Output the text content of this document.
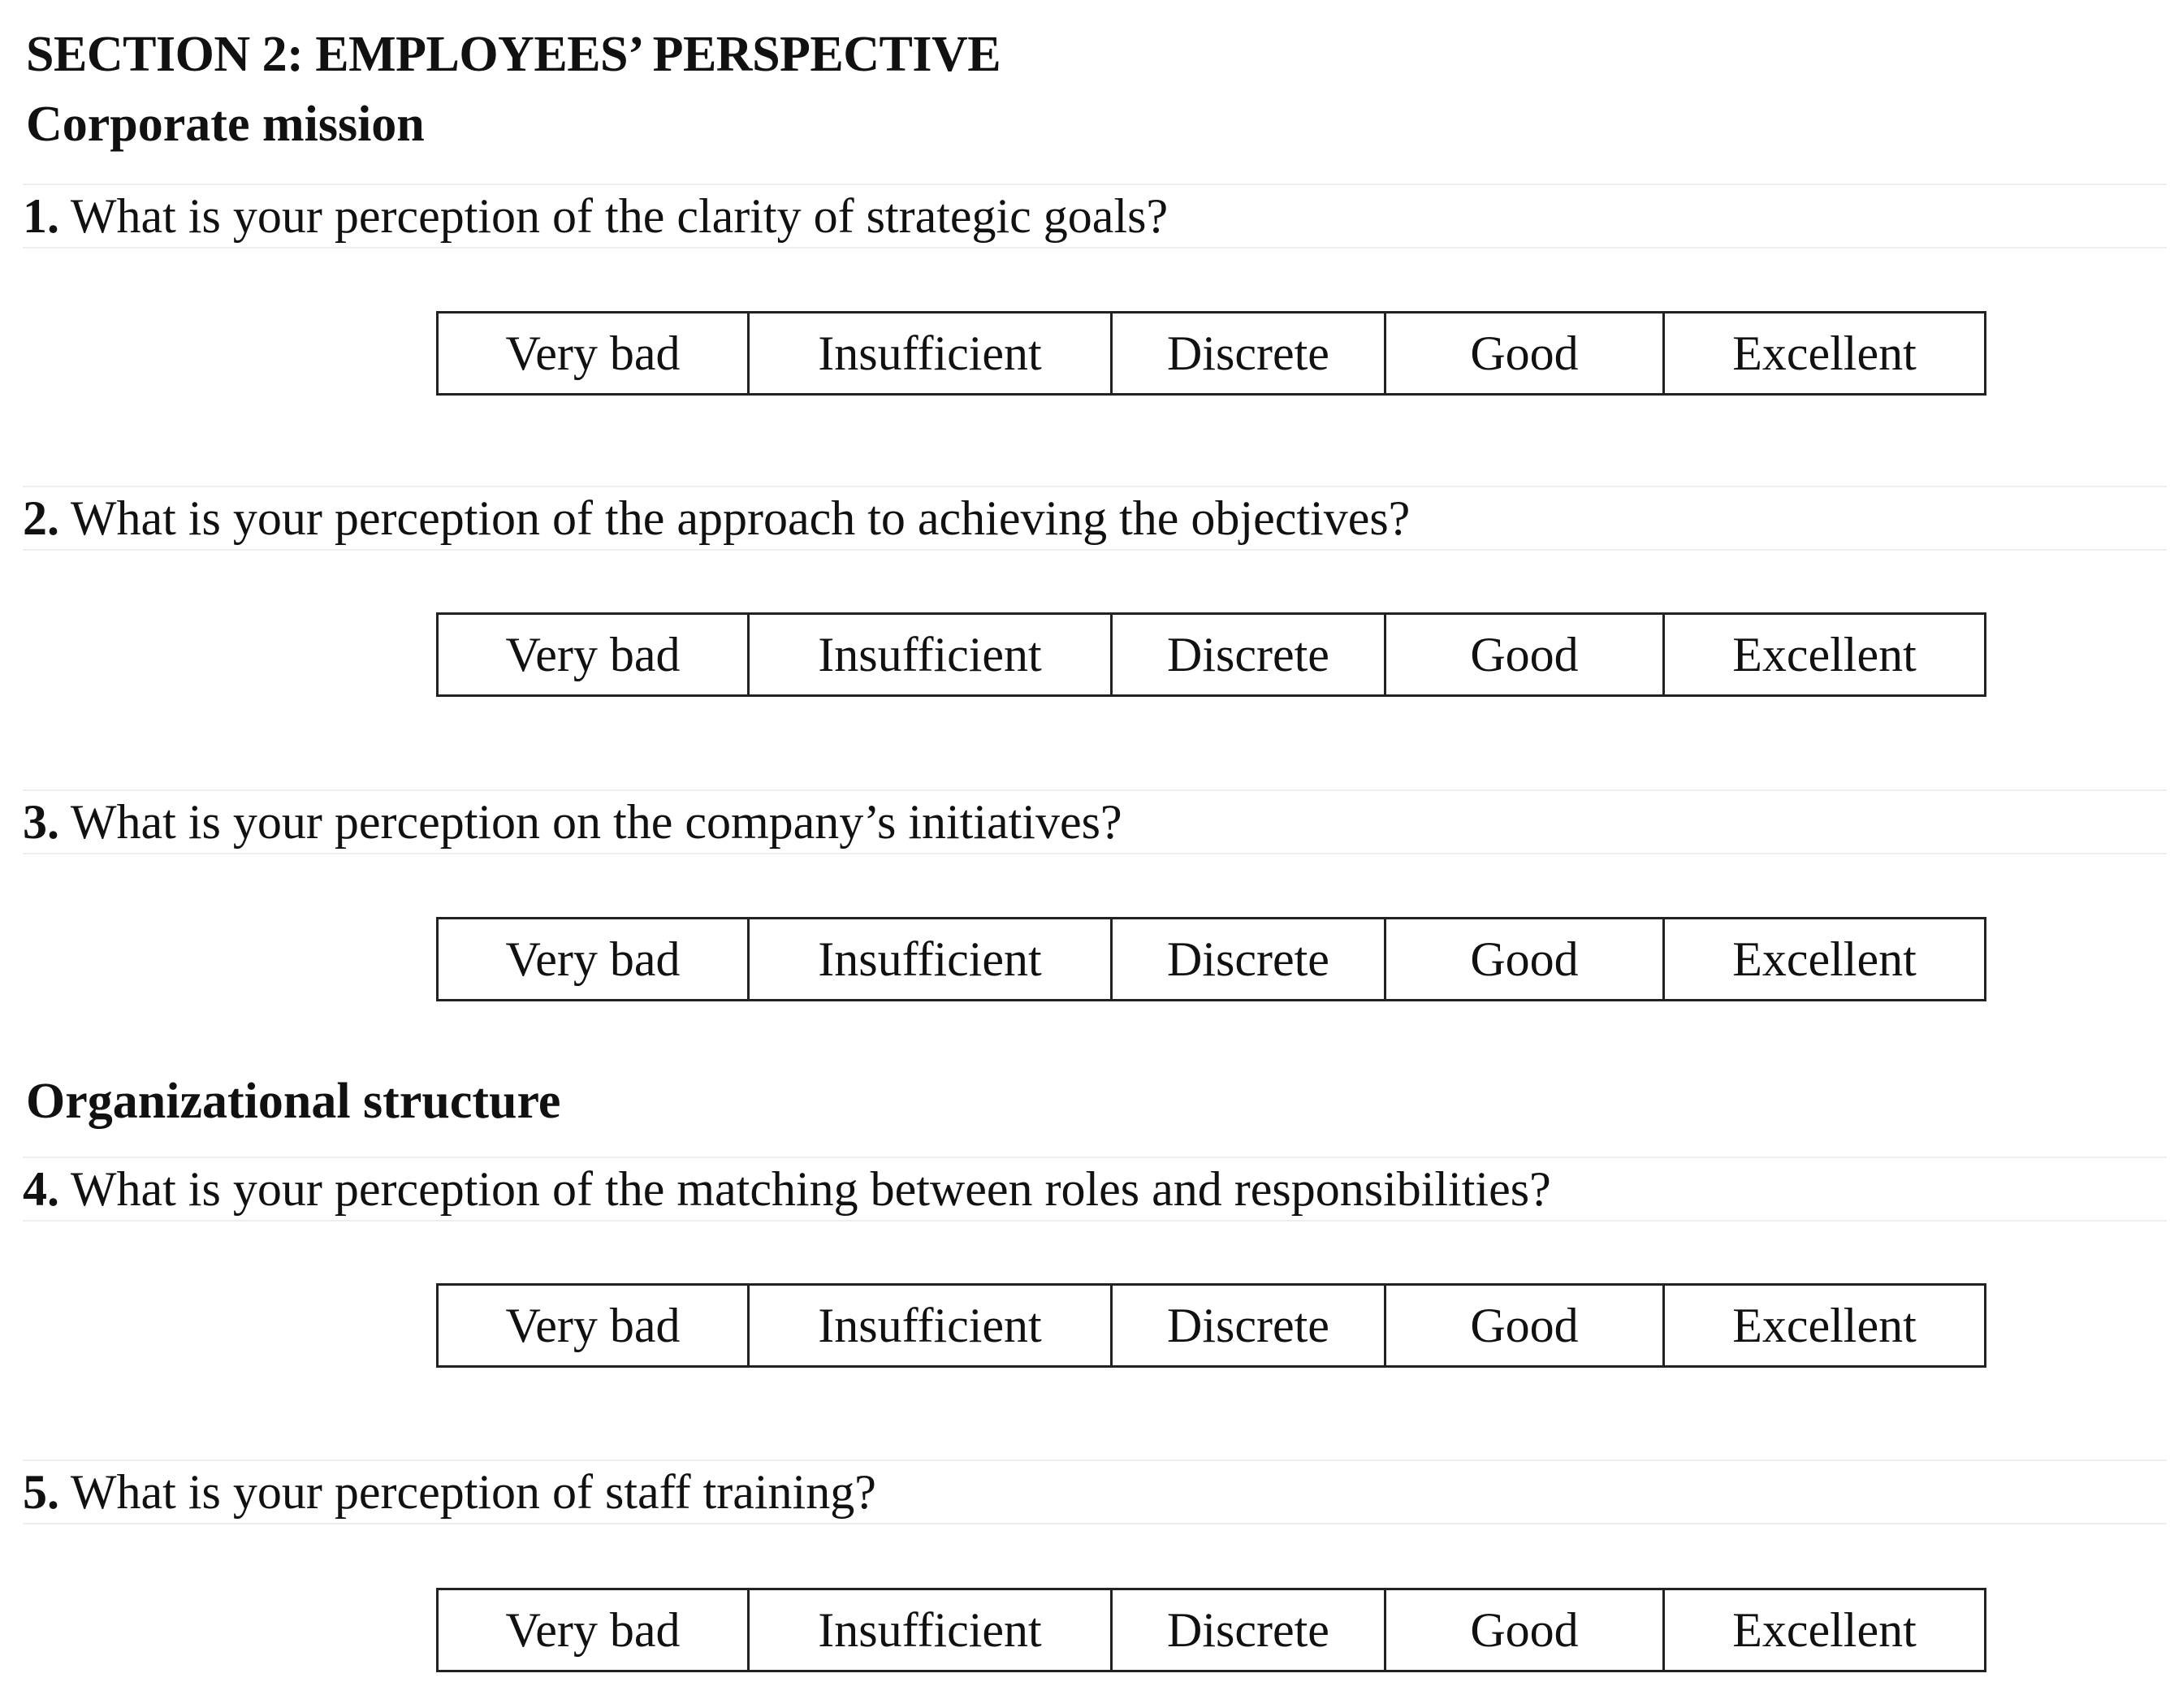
SECTION 2: EMPLOYEES’ PERSPECTIVE
Corporate mission
1. What is your perception of the clarity of strategic goals?
Very bad	Insufficient	Discrete	Good	Excellent
2. What is your perception of the approach to achieving the objectives?
Very bad	Insufficient	Discrete	Good	Excellent
3. What is your perception on the company’s initiatives?
Very bad	Insufficient	Discrete	Good	Excellent
Organizational structure
4. What is your perception of the matching between roles and responsibilities?
Very bad	Insufficient	Discrete	Good	Excellent
5. What is your perception of staff training?
Very bad	Insufficient	Discrete	Good	Excellent
